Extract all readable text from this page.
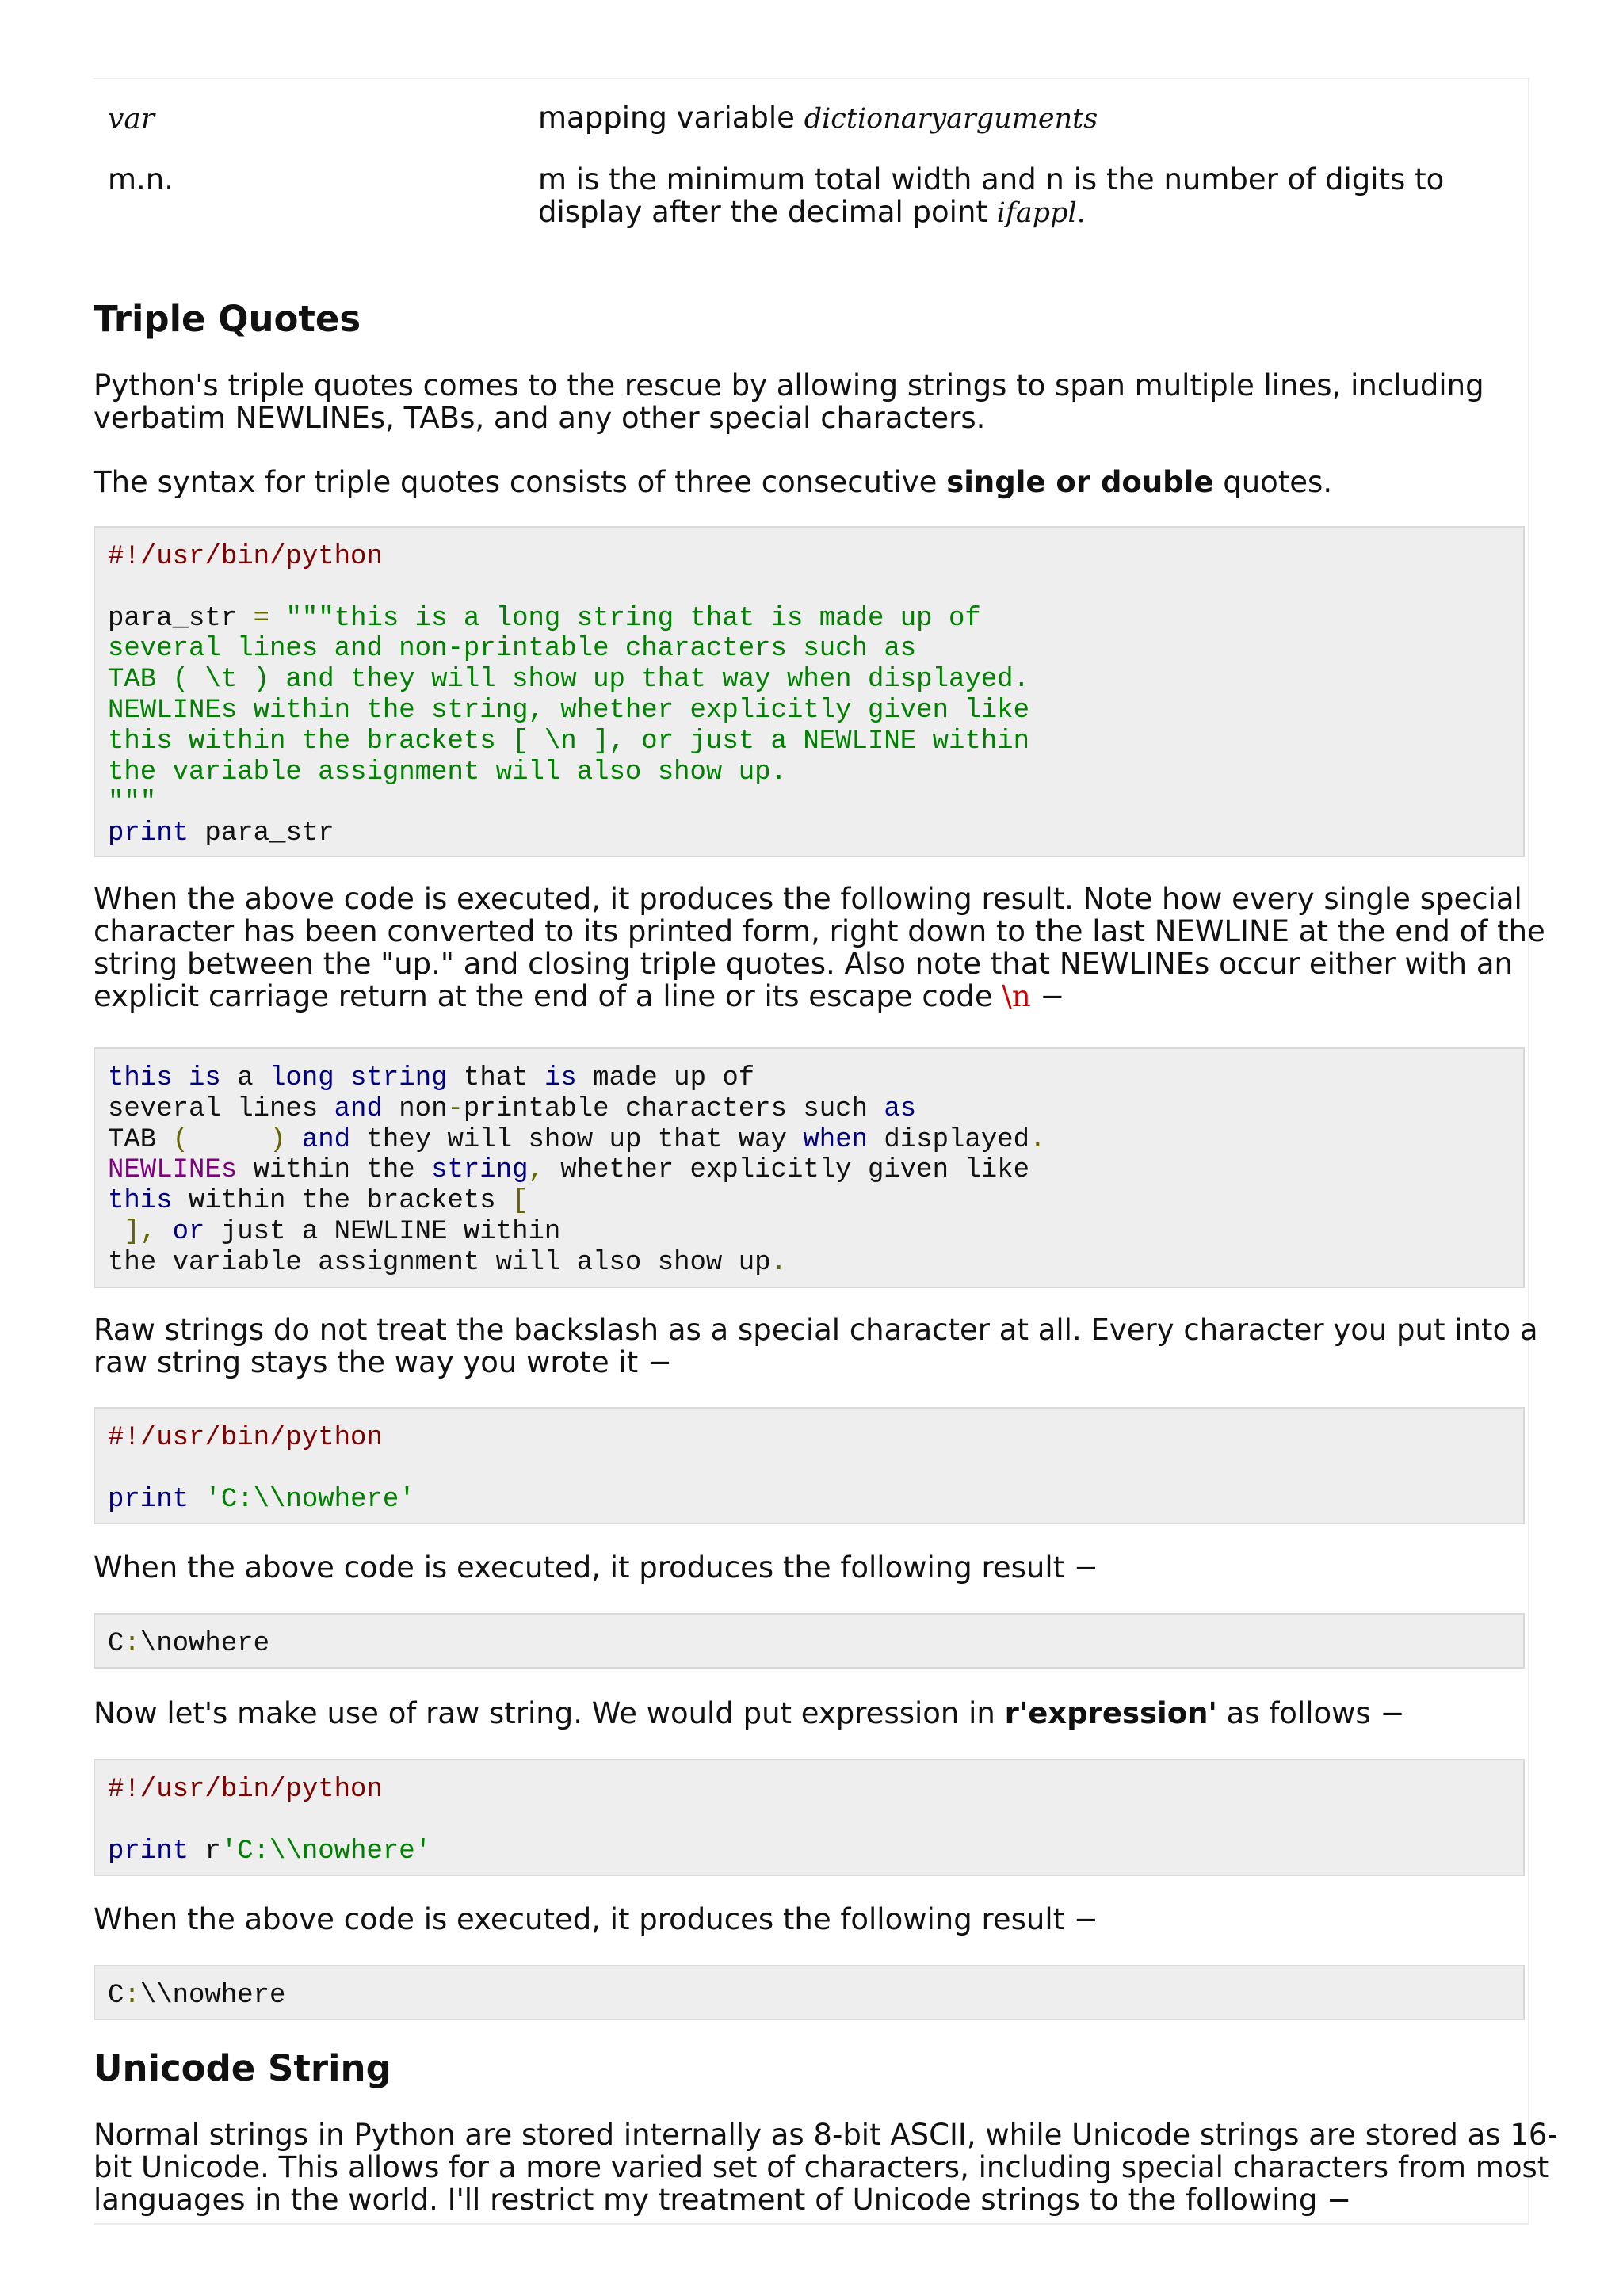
var	mapping variable dictionaryarguments
m.n.	m is the minimum total width and n is the number of digits to
display after the decimal point ifappl.
Triple Quotes
Python's triple quotes comes to the rescue by allowing strings to span multiple lines, including
verbatim NEWLINEs, TABs, and any other special characters.
The syntax for triple quotes consists of three consecutive single or double quotes.
#!/usr/bin/python
para_str = """this is a long string that is made up of
several lines and non-printable characters such as
TAB ( \t ) and they will show up that way when displayed.
NEWLINEs within the string, whether explicitly given like
this within the brackets [ \n ], or just a NEWLINE within
the variable assignment will also show up.
"""
print para_str
When the above code is executed, it produces the following result. Note how every single special
character has been converted to its printed form, right down to the last NEWLINE at the end of the
string between the "up." and closing triple quotes. Also note that NEWLINEs occur either with an
explicit carriage return at the end of a line or its escape code \n −
this is a long string that is made up of
several lines and non-printable characters such as
TAB (	) and they will show up that way when displayed.
NEWLINEs within the string, whether explicitly given like
this within the brackets [
], or just a NEWLINE within
the variable assignment will also show up.
Raw strings do not treat the backslash as a special character at all. Every character you put into a
raw string stays the way you wrote it −
#!/usr/bin/python
print 'C:\\nowhere'
When the above code is executed, it produces the following result −
C:\nowhere
Now let's make use of raw string. We would put expression in r'expression' as follows −
#!/usr/bin/python
print r'C:\\nowhere'
When the above code is executed, it produces the following result −
C:\\nowhere
Unicode String
Normal strings in Python are stored internally as 8-bit ASCII, while Unicode strings are stored as 16-
bit Unicode. This allows for a more varied set of characters, including special characters from most
languages in the world. I'll restrict my treatment of Unicode strings to the following −
